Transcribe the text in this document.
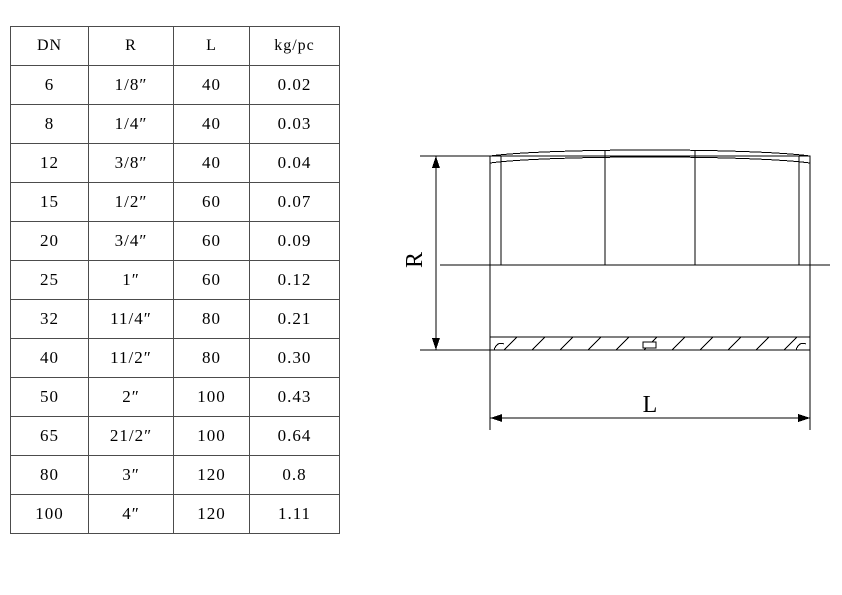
DN	R	L	kg/pc
6	1/8″	40	0.02
8	1/4″	40	0.03
12	3/8″	40	0.04
15	1/2″	60	0.07
20	3/4″	60	0.09
25	1″	60	0.12
32	11/4″	80	0.21
40	11/2″	80	0.30
50	2″	100	0.43
65	21/2″	100	0.64
80	3″	120	0.8
100	4″	120	1.11
R
L
